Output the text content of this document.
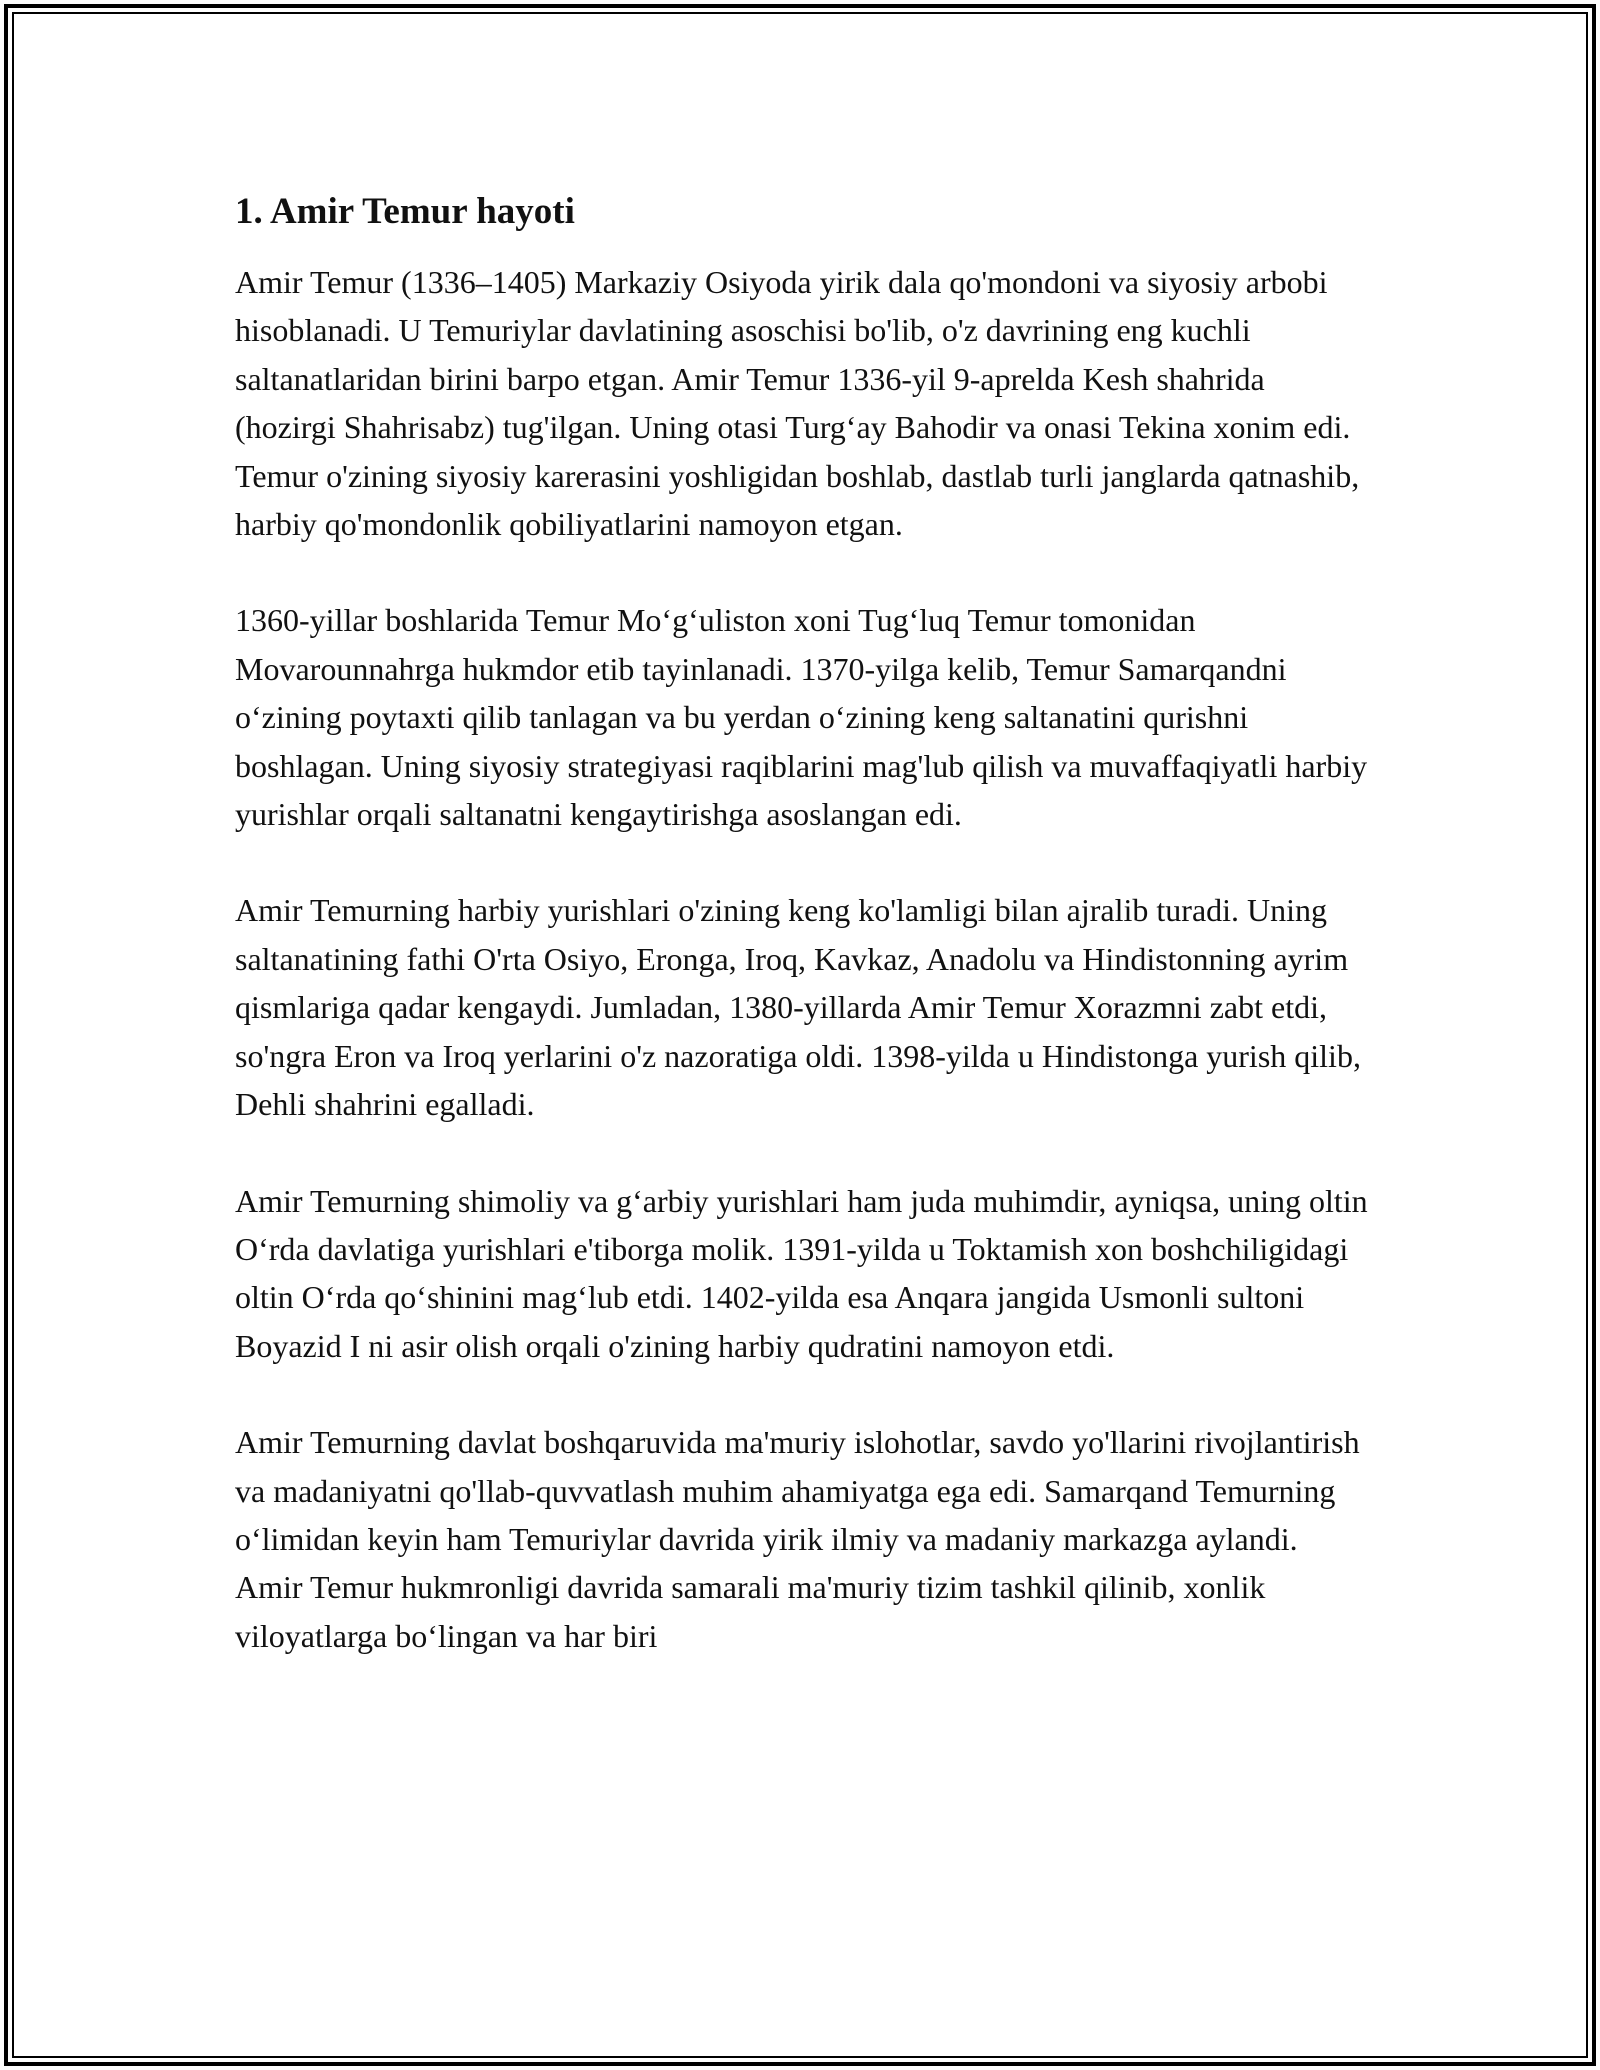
1. Amir Temur hayoti

Amir Temur (1336–1405) Markaziy Osiyoda yirik dala qo'mondoni va siyosiy arbobi hisoblanadi. U Temuriylar davlatining asoschisi bo'lib, o'z davrining eng kuchli saltanatlaridan birini barpo etgan. Amir Temur 1336-yil 9-aprelda Kesh shahrida (hozirgi Shahrisabz) tug'ilgan. Uning otasi Turg‘ay Bahodir va onasi Tekina xonim edi. Temur o'zining siyosiy karerasini yoshligidan boshlab, dastlab turli janglarda qatnashib, harbiy qo'mondonlik qobiliyatlarini namoyon etgan.

1360-yillar boshlarida Temur Mo‘g‘uliston xoni Tug‘luq Temur tomonidan Movarounnahrga hukmdor etib tayinlanadi. 1370-yilga kelib, Temur Samarqandni o‘zining poytaxti qilib tanlagan va bu yerdan o‘zining keng saltanatini qurishni boshlagan. Uning siyosiy strategiyasi raqiblarini mag'lub qilish va muvaffaqiyatli harbiy yurishlar orqali saltanatni kengaytirishga asoslangan edi.

Amir Temurning harbiy yurishlari o'zining keng ko'lamligi bilan ajralib turadi. Uning saltanatining fathi O'rta Osiyo, Eronga, Iroq, Kavkaz, Anadolu va Hindistonning ayrim qismlariga qadar kengaydi. Jumladan, 1380-yillarda Amir Temur Xorazmni zabt etdi, so'ngra Eron va Iroq yerlarini o'z nazoratiga oldi. 1398-yilda u Hindistonga yurish qilib, Dehli shahrini egalladi.

Amir Temurning shimoliy va g‘arbiy yurishlari ham juda muhimdir, ayniqsa, uning oltin O‘rda davlatiga yurishlari e'tiborga molik. 1391-yilda u Toktamish xon boshchiligidagi oltin O‘rda qo‘shinini mag‘lub etdi. 1402-yilda esa Anqara jangida Usmonli sultoni Boyazid I ni asir olish orqali o'zining harbiy qudratini namoyon etdi.

Amir Temurning davlat boshqaruvida ma'muriy islohotlar, savdo yo'llarini rivojlantirish va madaniyatni qo'llab-quvvatlash muhim ahamiyatga ega edi. Samarqand Temurning o‘limidan keyin ham Temuriylar davrida yirik ilmiy va madaniy markazga aylandi. Amir Temur hukmronligi davrida samarali ma'muriy tizim tashkil qilinib, xonlik viloyatlarga bo‘lingan va har biri
